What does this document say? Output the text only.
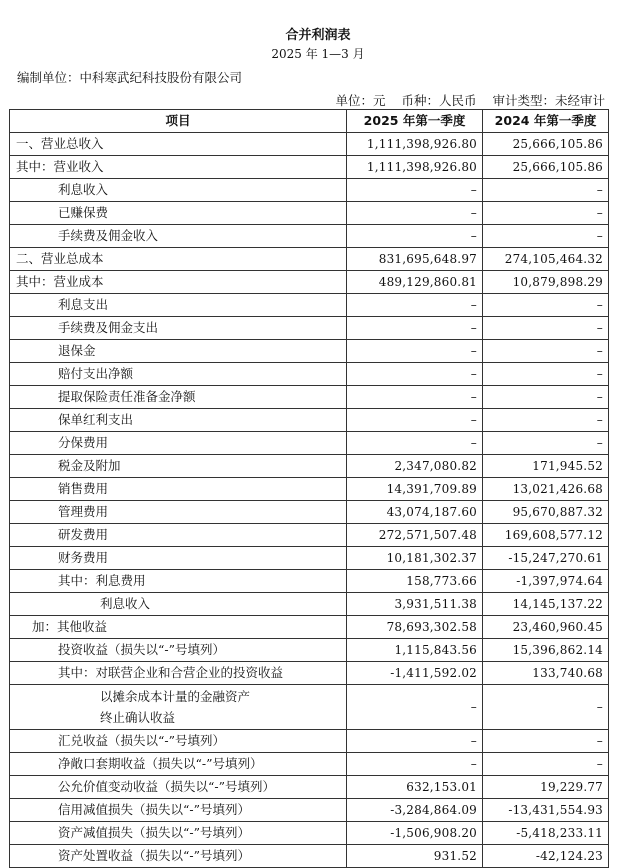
合并利润表
2025 年 1—3 月
编制单位：中科寒武纪科技股份有限公司
单位：元 币种：人民币 审计类型：未经审计
项目	2025 年第一季度	2024 年第一季度
一、营业总收入	1,111,398,926.80	25,666,105.86
其中：营业收入	1,111,398,926.80	25,666,105.86
利息收入	–	–
已赚保费	–	–
手续费及佣金收入	–	–
二、营业总成本	831,695,648.97	274,105,464.32
其中：营业成本	489,129,860.81	10,879,898.29
利息支出	–	–
手续费及佣金支出	–	–
退保金	–	–
赔付支出净额	–	–
提取保险责任准备金净额	–	–
保单红利支出	–	–
分保费用	–	–
税金及附加	2,347,080.82	171,945.52
销售费用	14,391,709.89	13,021,426.68
管理费用	43,074,187.60	95,670,887.32
研发费用	272,571,507.48	169,608,577.12
财务费用	10,181,302.37	-15,247,270.61
其中：利息费用	158,773.66	-1,397,974.64
利息收入	3,931,511.38	14,145,137.22
加：其他收益	78,693,302.58	23,460,960.45
投资收益（损失以“-”号填列）	1,115,843.56	15,396,862.14
其中：对联营企业和合营企业的投资收益	-1,411,592.02	133,740.68
以摊余成本计量的金融资产终止确认收益	–	–
汇兑收益（损失以“-”号填列）	–	–
净敞口套期收益（损失以“-”号填列）	–	–
公允价值变动收益（损失以“-”号填列）	632,153.01	19,229.77
信用减值损失（损失以“-”号填列）	-3,284,864.09	-13,431,554.93
资产减值损失（损失以“-”号填列）	-1,506,908.20	-5,418,233.11
资产处置收益（损失以“-”号填列）	931.52	-42,124.23
